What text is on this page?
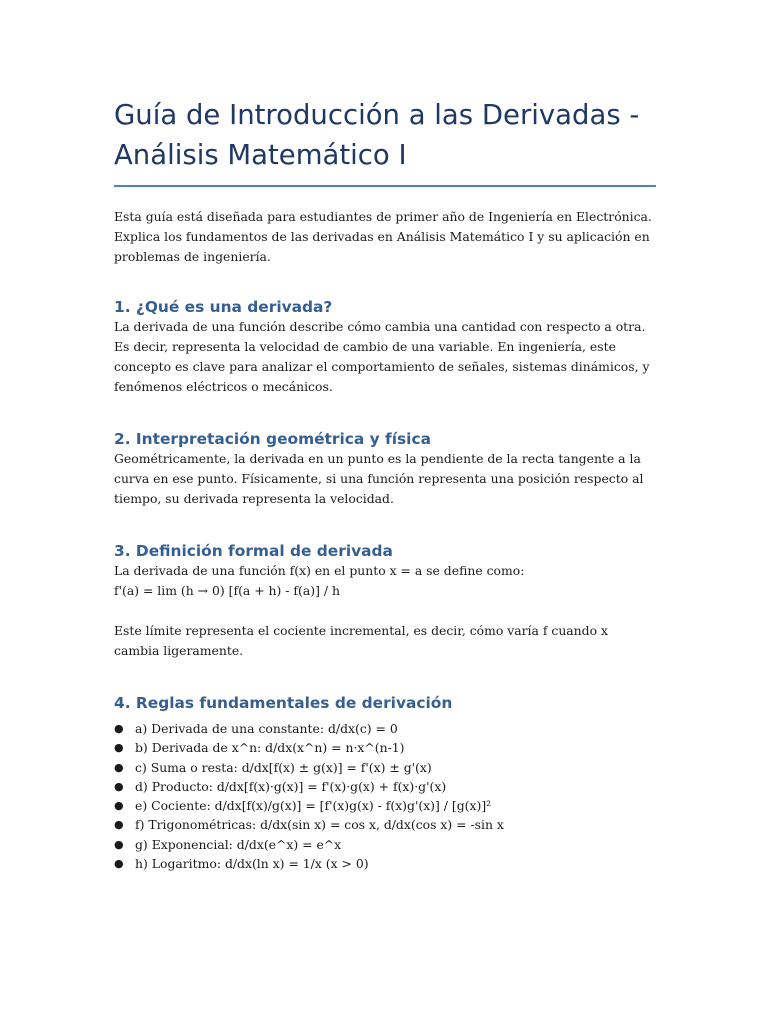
Guía de Introducción a las Derivadas - Análisis Matemático I

Esta guía está diseñada para estudiantes de primer año de Ingeniería en Electrónica. Explica los fundamentos de las derivadas en Análisis Matemático I y su aplicación en problemas de ingeniería.

1. ¿Qué es una derivada?

La derivada de una función describe cómo cambia una cantidad con respecto a otra. Es decir, representa la velocidad de cambio de una variable. En ingeniería, este concepto es clave para analizar el comportamiento de señales, sistemas dinámicos, y fenómenos eléctricos o mecánicos.

2. Interpretación geométrica y física

Geométricamente, la derivada en un punto es la pendiente de la recta tangente a la curva en ese punto. Físicamente, si una función representa una posición respecto al tiempo, su derivada representa la velocidad.

3. Definición formal de derivada

La derivada de una función f(x) en el punto x = a se define como:

f'(a) = lim (h → 0) [f(a + h) - f(a)] / h

Este límite representa el cociente incremental, es decir, cómo varía f cuando x cambia ligeramente.

4. Reglas fundamentales de derivación
● a) Derivada de una constante: d/dx(c) = 0
● b) Derivada de x^n: d/dx(x^n) = n·x^(n-1)
● c) Suma o resta: d/dx[f(x) ± g(x)] = f'(x) ± g'(x)
● d) Producto: d/dx[f(x)·g(x)] = f'(x)·g(x) + f(x)·g'(x)
● e) Cociente: d/dx[f(x)/g(x)] = [f'(x)g(x) - f(x)g'(x)] / [g(x)]²
● f) Trigonométricas: d/dx(sin x) = cos x, d/dx(cos x) = -sin x
● g) Exponencial: d/dx(e^x) = e^x
● h) Logaritmo: d/dx(ln x) = 1/x (x > 0)
